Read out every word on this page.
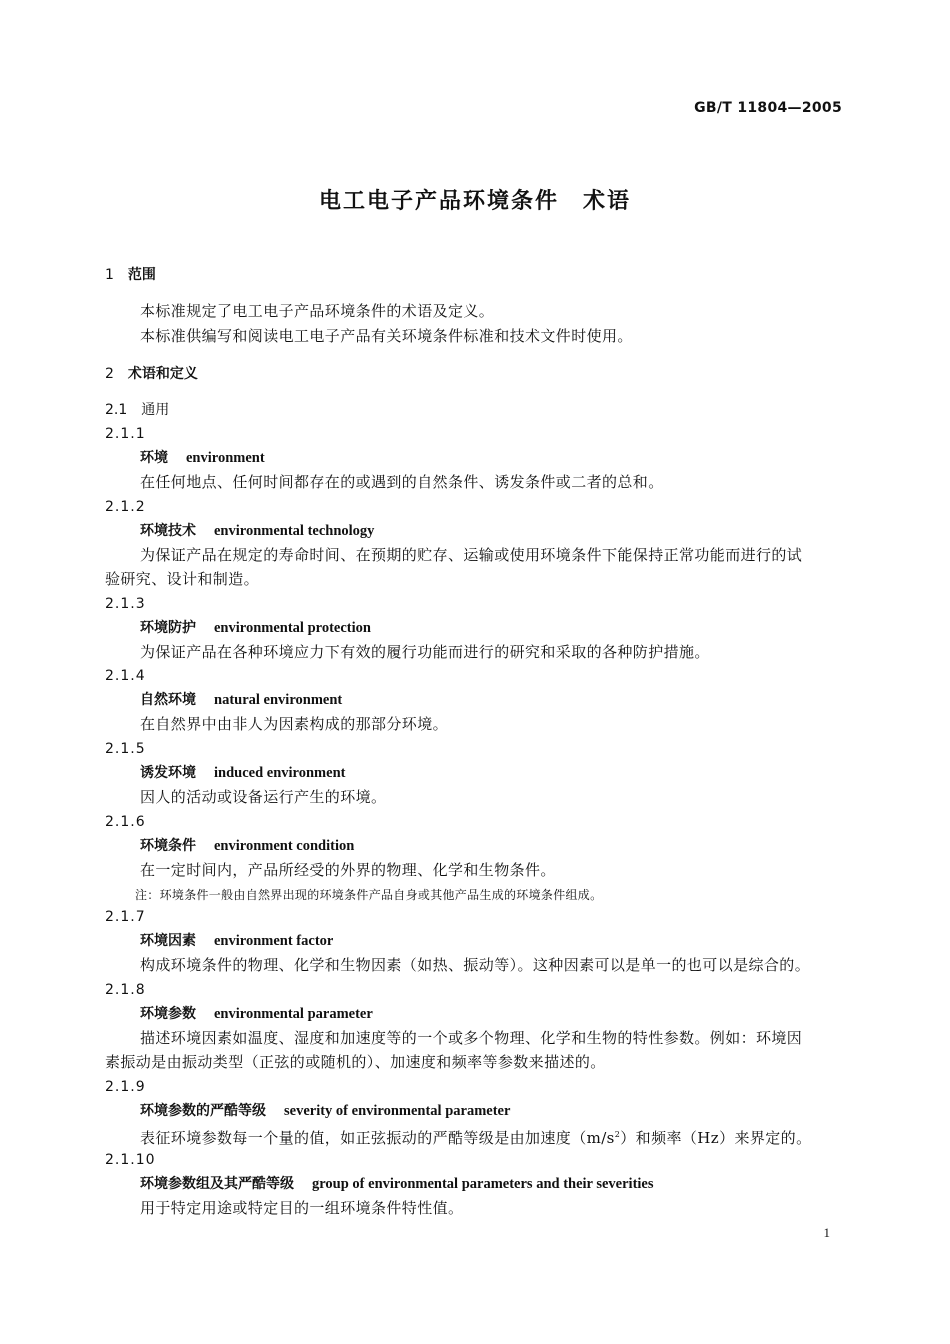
GB/T 11804—2005
电工电子产品环境条件　术语
1 范围
本标准规定了电工电子产品环境条件的术语及定义。
本标准供编写和阅读电工电子产品有关环境条件标准和技术文件时使用。
2 术语和定义
2.1 通用
2.1.1
环境 environment
在任何地点、任何时间都存在的或遇到的自然条件、诱发条件或二者的总和。
2.1.2
环境技术 environmental technology
为保证产品在规定的寿命时间、在预期的贮存、运输或使用环境条件下能保持正常功能而进行的试
验研究、设计和制造。
2.1.3
环境防护 environmental protection
为保证产品在各种环境应力下有效的履行功能而进行的研究和采取的各种防护措施。
2.1.4
自然环境 natural environment
在自然界中由非人为因素构成的那部分环境。
2.1.5
诱发环境 induced environment
因人的活动或设备运行产生的环境。
2.1.6
环境条件 environment condition
在一定时间内，产品所经受的外界的物理、化学和生物条件。
注：环境条件一般由自然界出现的环境条件产品自身或其他产品生成的环境条件组成。
2.1.7
环境因素 environment factor
构成环境条件的物理、化学和生物因素（如热、振动等）。这种因素可以是单一的也可以是综合的。
2.1.8
环境参数 environmental parameter
描述环境因素如温度、湿度和加速度等的一个或多个物理、化学和生物的特性参数。例如：环境因
素振动是由振动类型（正弦的或随机的）、加速度和频率等参数来描述的。
2.1.9
环境参数的严酷等级 severity of environmental parameter
表征环境参数每一个量的值，如正弦振动的严酷等级是由加速度$(m/s^2)$和频率（Hz）来界定的。
2.1.10
环境参数组及其严酷等级 group of environmental parameters and their severities
用于特定用途或特定目的一组环境条件特性值。
1
